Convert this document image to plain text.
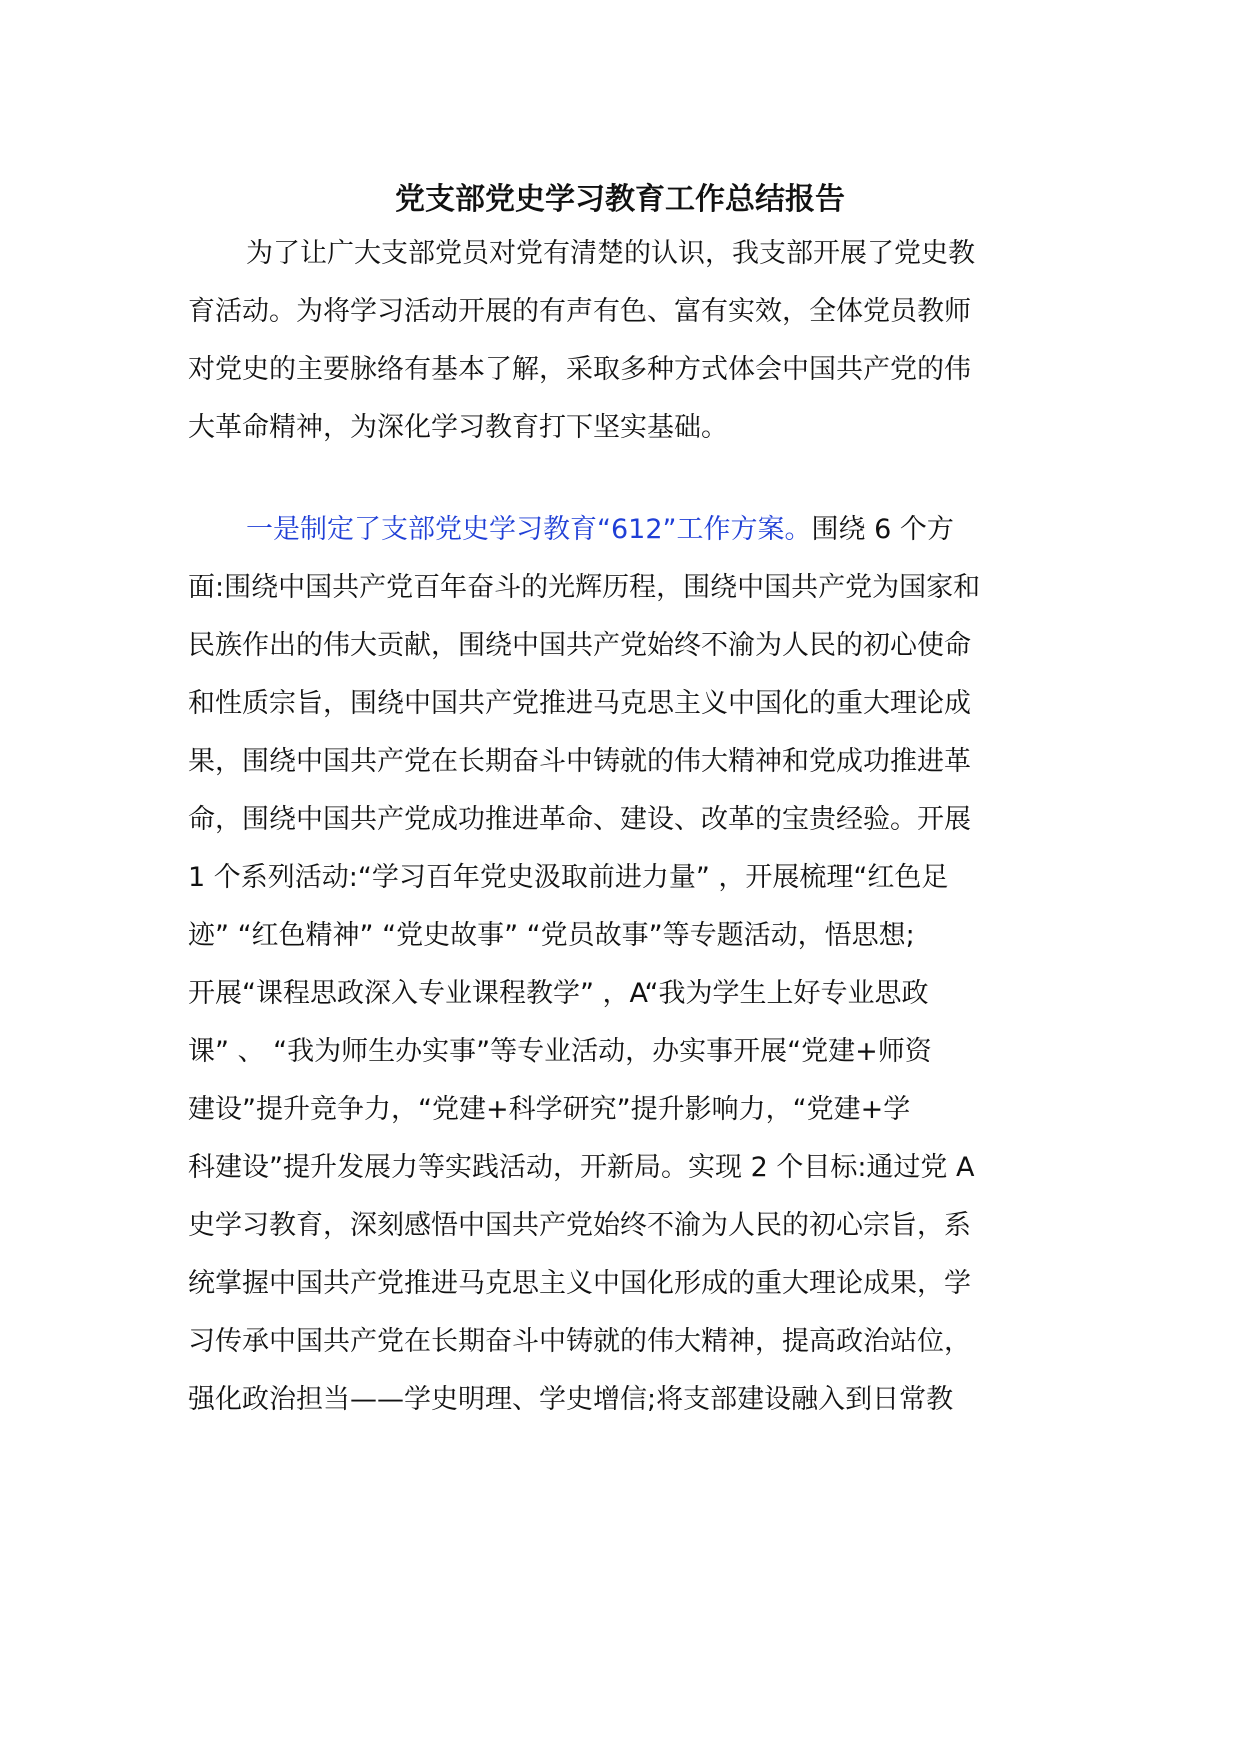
党支部党史学习教育工作总结报告

为了让广大支部党员对党有清楚的认识，我支部开展了党史教

育活动。为将学习活动开展的有声有色、富有实效，全体党员教师

对党史的主要脉络有基本了解，采取多种方式体会中国共产党的伟

大革命精神，为深化学习教育打下坚实基础。

一是制定了支部党史学习教育“612”工作方案。围绕 6 个方

面:围绕中国共产党百年奋斗的光辉历程，围绕中国共产党为国家和

民族作出的伟大贡献，围绕中国共产党始终不渝为人民的初心使命

和性质宗旨，围绕中国共产党推进马克思主义中国化的重大理论成

果，围绕中国共产党在长期奋斗中铸就的伟大精神和党成功推进革

命，围绕中国共产党成功推进革命、建设、改革的宝贵经验。开展

1 个系列活动:“学习百年党史汲取前进力量” ，开展梳理“红色足

迹” “红色精神” “党史故事” “党员故事”等专题活动，悟思想;

开展“课程思政深入专业课程教学” ，A“我为学生上好专业思政

课” 、 “我为师生办实事”等专业活动，办实事开展“党建+师资

建设”提升竞争力，“党建+科学研究”提升影响力，“党建+学

科建设”提升发展力等实践活动，开新局。实现 2 个目标:通过党 A

史学习教育，深刻感悟中国共产党始终不渝为人民的初心宗旨，系

统掌握中国共产党推进马克思主义中国化形成的重大理论成果，学

习传承中国共产党在长期奋斗中铸就的伟大精神，提高政治站位，

强化政治担当——学史明理、学史增信;将支部建设融入到日常教
